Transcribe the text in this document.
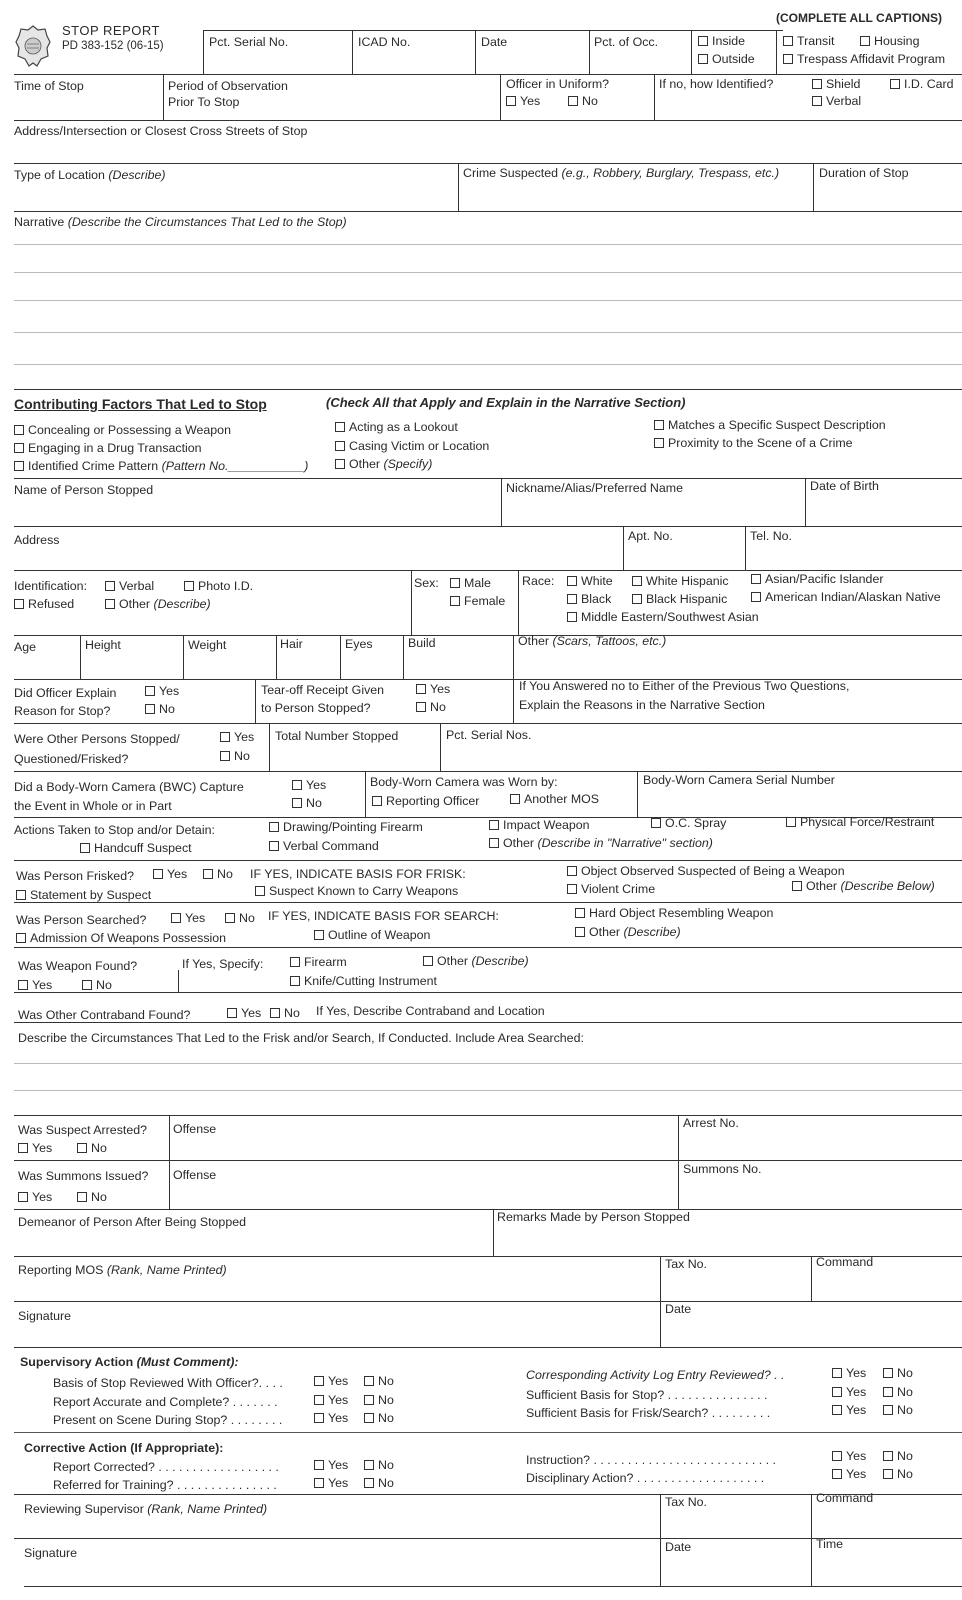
STOP REPORT
PD 383-152 (06-15)
(COMPLETE ALL CAPTIONS)
Pct. Serial No.	ICAD No.	Date	Pct. of Occ.	Inside
Outside
Transit	Housing
Trespass Affidavit Program
Time of Stop	Period of Observation
Prior To Stop
Officer in Uniform?
Yes	No
If no, how Identified?	Shield	I.D. Card
Verbal
Address/Intersection or Closest Cross Streets of Stop
Type of Location (Describe)	Crime Suspected (e.g., Robbery, Burglary, Trespass, etc.)	Duration of Stop
Narrative (Describe the Circumstances That Led to the Stop)
Contributing Factors That Led to Stop	(Check All that Apply and Explain in the Narrative Section)
Concealing or Possessing a Weapon
Engaging in a Drug Transaction
Identified Crime Pattern (Pattern No.___________)
Acting as a Lookout
Casing Victim or Location
Other (Specify)
Matches a Specific Suspect Description
Proximity to the Scene of a Crime
Name of Person Stopped	Nickname/Alias/Preferred Name	Date of Birth
Address	Apt. No.	Tel. No.
Identification:	Verbal	Photo I.D.
Refused	Other (Describe)
Sex:	Male
Female
Race:	White	White Hispanic	Asian/Pacific Islander
Black	Black Hispanic	American Indian/Alaskan Native
Middle Eastern/Southwest Asian
Age	Height	Weight	Hair	Eyes	Build	Other (Scars, Tattoos, etc.)
Did Officer Explain
Reason for Stop?
Yes
No
Tear-off Receipt Given
to Person Stopped?
Yes
No
If You Answered no to Either of the Previous Two Questions,
Explain the Reasons in the Narrative Section
Were Other Persons Stopped/
Questioned/Frisked?
Yes
No
Total Number Stopped	Pct. Serial Nos.
Did a Body-Worn Camera (BWC) Capture
the Event in Whole or in Part
Yes
No
Body-Worn Camera was Worn by:
Reporting Officer	Another MOS
Body-Worn Camera Serial Number
Actions Taken to Stop and/or Detain:
Handcuff Suspect
Drawing/Pointing Firearm
Verbal Command
Impact Weapon
Other (Describe in "Narrative" section)
O.C. Spray	Physical Force/Restraint
Was Person Frisked?	Yes	No IF YES, INDICATE BASIS FOR FRISK:
Statement by Suspect	Suspect Known to Carry Weapons
Object Observed Suspected of Being a Weapon
Violent Crime	Other (Describe Below)
Was Person Searched?	Yes	No IF YES, INDICATE BASIS FOR SEARCH:
Admission Of Weapons Possession	Outline of Weapon
Hard Object Resembling Weapon
Other (Describe)
Was Weapon Found?
Yes	No
If Yes, Specify:	Firearm
Knife/Cutting Instrument
Other (Describe)
Was Other Contraband Found?	Yes	No If Yes, Describe Contraband and Location
Describe the Circumstances That Led to the Frisk and/or Search, If Conducted. Include Area Searched:
Was Suspect Arrested?
Yes	No
Offense	Arrest No.
Was Summons Issued?
Yes	No
Offense	Summons No.
Demeanor of Person After Being Stopped	Remarks Made by Person Stopped
Reporting MOS (Rank, Name Printed)	Tax No.	Command
Signature	Date
Supervisory Action (Must Comment):
Basis of Stop Reviewed With Officer?. . . .	Yes	No
Report Accurate and Complete? . . . . . . .	Yes	No
Present on Scene During Stop? . . . . . . . .	Yes	No
Corresponding Activity Log Entry Reviewed? . .	Yes	No
Sufficient Basis for Stop? . . . . . . . . . . . . . . .	Yes	No
Sufficient Basis for Frisk/Search? . . . . . . . . .	Yes	No
Corrective Action (If Appropriate):
Report Corrected? . . . . . . . . . . . . . . . . . .	Yes	No
Referred for Training? . . . . . . . . . . . . . . .	Yes	No
Instruction? . . . . . . . . . . . . . . . . . . . . . . . . . . .	Yes	No
Disciplinary Action? . . . . . . . . . . . . . . . . . . .	Yes	No
Reviewing Supervisor (Rank, Name Printed)	Tax No.	Command
Signature	Date	Time
